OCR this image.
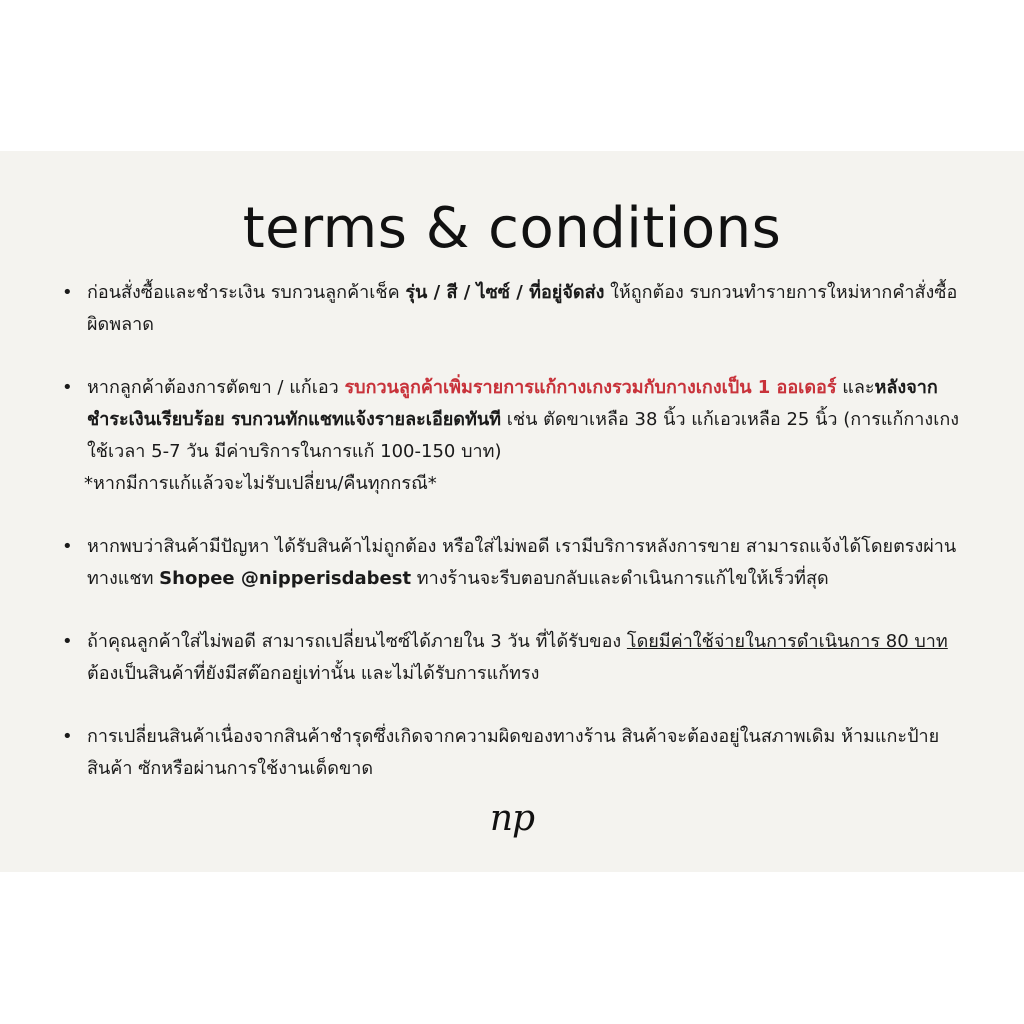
terms & conditions
• ก่อนสั่งซื้อและชำระเงิน รบกวนลูกค้าเช็ค รุ่น / สี / ไซซ์ / ที่อยู่จัดส่ง ให้ถูกต้อง รบกวนทำรายการใหม่หากคำสั่งซื้อผิดพลาด
• หากลูกค้าต้องการตัดขา / แก้เอว รบกวนลูกค้าเพิ่มรายการแก้กางเกงรวมกับกางเกงเป็น 1 ออเดอร์ และหลังจากชำระเงินเรียบร้อย รบกวนทักแชทแจ้งรายละเอียดทันที เช่น ตัดขาเหลือ 38 นิ้ว แก้เอวเหลือ 25 นิ้ว (การแก้กางเกงใช้เวลา 5-7 วัน มีค่าบริการในการแก้ 100-150 บาท)
*หากมีการแก้แล้วจะไม่รับเปลี่ยน/คืนทุกกรณี*
• หากพบว่าสินค้ามีปัญหา ได้รับสินค้าไม่ถูกต้อง หรือใส่ไม่พอดี เรามีบริการหลังการขาย สามารถแจ้งได้โดยตรงผ่านทางแชท Shopee @nipperisdabest ทางร้านจะรีบตอบกลับและดำเนินการแก้ไขให้เร็วที่สุด
• ถ้าคุณลูกค้าใส่ไม่พอดี สามารถเปลี่ยนไซซ์ได้ภายใน 3 วัน ที่ได้รับของ โดยมีค่าใช้จ่ายในการดำเนินการ 80 บาท ต้องเป็นสินค้าที่ยังมีสต๊อกอยู่เท่านั้น และไม่ได้รับการแก้ทรง
• การเปลี่ยนสินค้าเนื่องจากสินค้าชำรุดซึ่งเกิดจากความผิดของทางร้าน สินค้าจะต้องอยู่ในสภาพเดิม ห้ามแกะป้ายสินค้า ซักหรือผ่านการใช้งานเด็ดขาด
np
